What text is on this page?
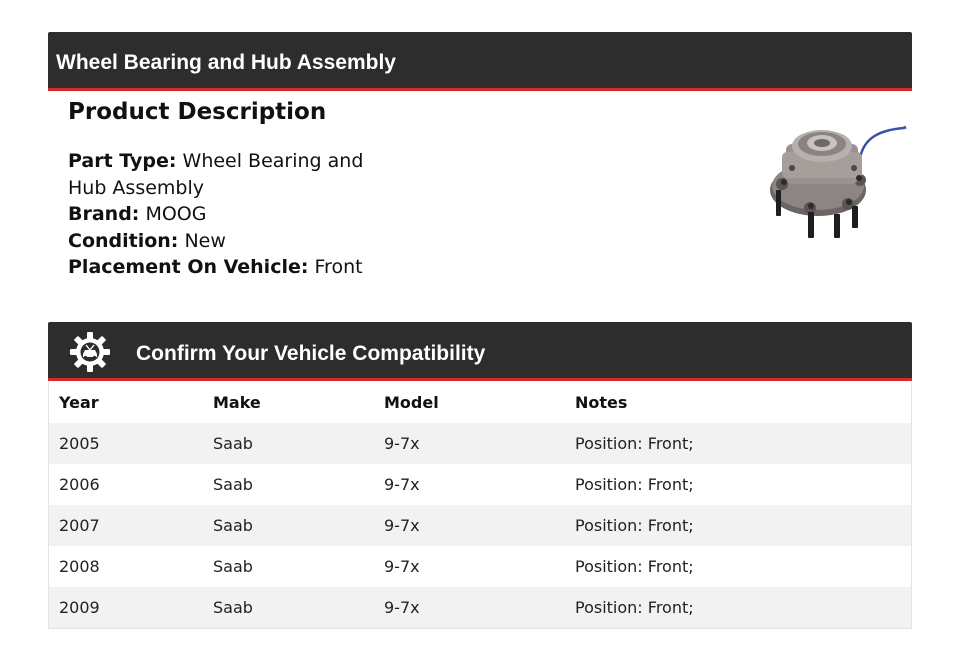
Wheel Bearing and Hub Assembly
Product Description
Part Type: Wheel Bearing and Hub Assembly
Brand: MOOG
Condition: New
Placement On Vehicle: Front
Confirm Your Vehicle Compatibility
Year	Make	Model	Notes
2005	Saab	9-7x	Position: Front;
2006	Saab	9-7x	Position: Front;
2007	Saab	9-7x	Position: Front;
2008	Saab	9-7x	Position: Front;
2009	Saab	9-7x	Position: Front;
